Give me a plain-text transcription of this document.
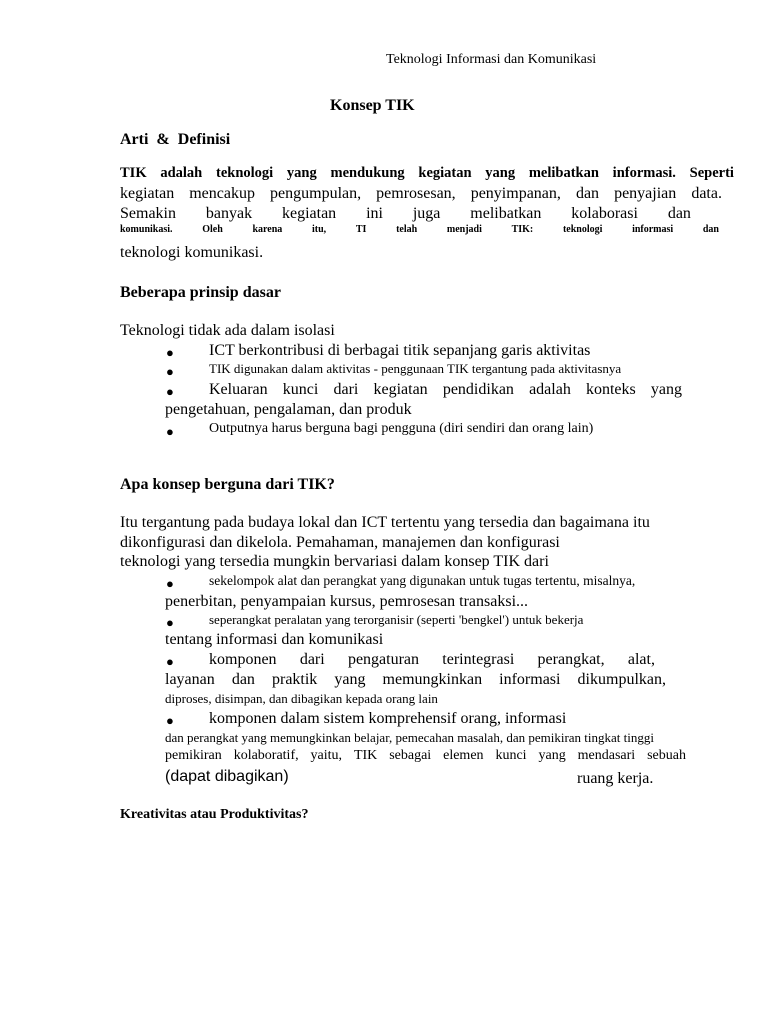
Teknologi Informasi dan Komunikasi
Konsep TIK
Arti  &  Definisi
TIK adalah teknologi yang mendukung kegiatan yang melibatkan informasi. Seperti
kegiatan mencakup pengumpulan, pemrosesan, penyimpanan, dan penyajian data.
Semakin banyak kegiatan ini juga melibatkan kolaborasi dan
komunikasi.	Oleh	karena	itu,	TI	telah	menjadi	TIK:	teknologi	informasi	dan
teknologi komunikasi.
Beberapa prinsip dasar
Teknologi tidak ada dalam isolasi
● ICT berkontribusi di berbagai titik sepanjang garis aktivitas
●	TIK digunakan dalam aktivitas - penggunaan TIK tergantung pada aktivitasnya
● Keluaran kunci dari kegiatan pendidikan adalah konteks yang
pengetahuan, pengalaman, dan produk
●	Outputnya harus berguna bagi pengguna (diri sendiri dan orang lain)
Apa konsep berguna dari TIK?
Itu tergantung pada budaya lokal dan ICT tertentu yang tersedia dan bagaimana itu
dikonfigurasi dan dikelola. Pemahaman, manajemen dan konfigurasi
teknologi yang tersedia mungkin bervariasi dalam konsep TIK dari
●	sekelompok alat dan perangkat yang digunakan untuk tugas tertentu, misalnya,
penerbitan, penyampaian kursus, pemrosesan transaksi...
●	seperangkat peralatan yang terorganisir (seperti 'bengkel') untuk bekerja
tentang informasi dan komunikasi
● komponen dari pengaturan terintegrasi perangkat, alat,
layanan dan praktik yang memungkinkan informasi dikumpulkan,
diproses, disimpan, dan dibagikan kepada orang lain
● komponen dalam sistem komprehensif orang, informasi
dan perangkat yang memungkinkan belajar, pemecahan masalah, dan pemikiran tingkat tinggi
pemikiran kolaboratif, yaitu, TIK sebagai elemen kunci yang mendasari sebuah
(dapat dibagikan)	ruang kerja.
Kreativitas atau Produktivitas?
